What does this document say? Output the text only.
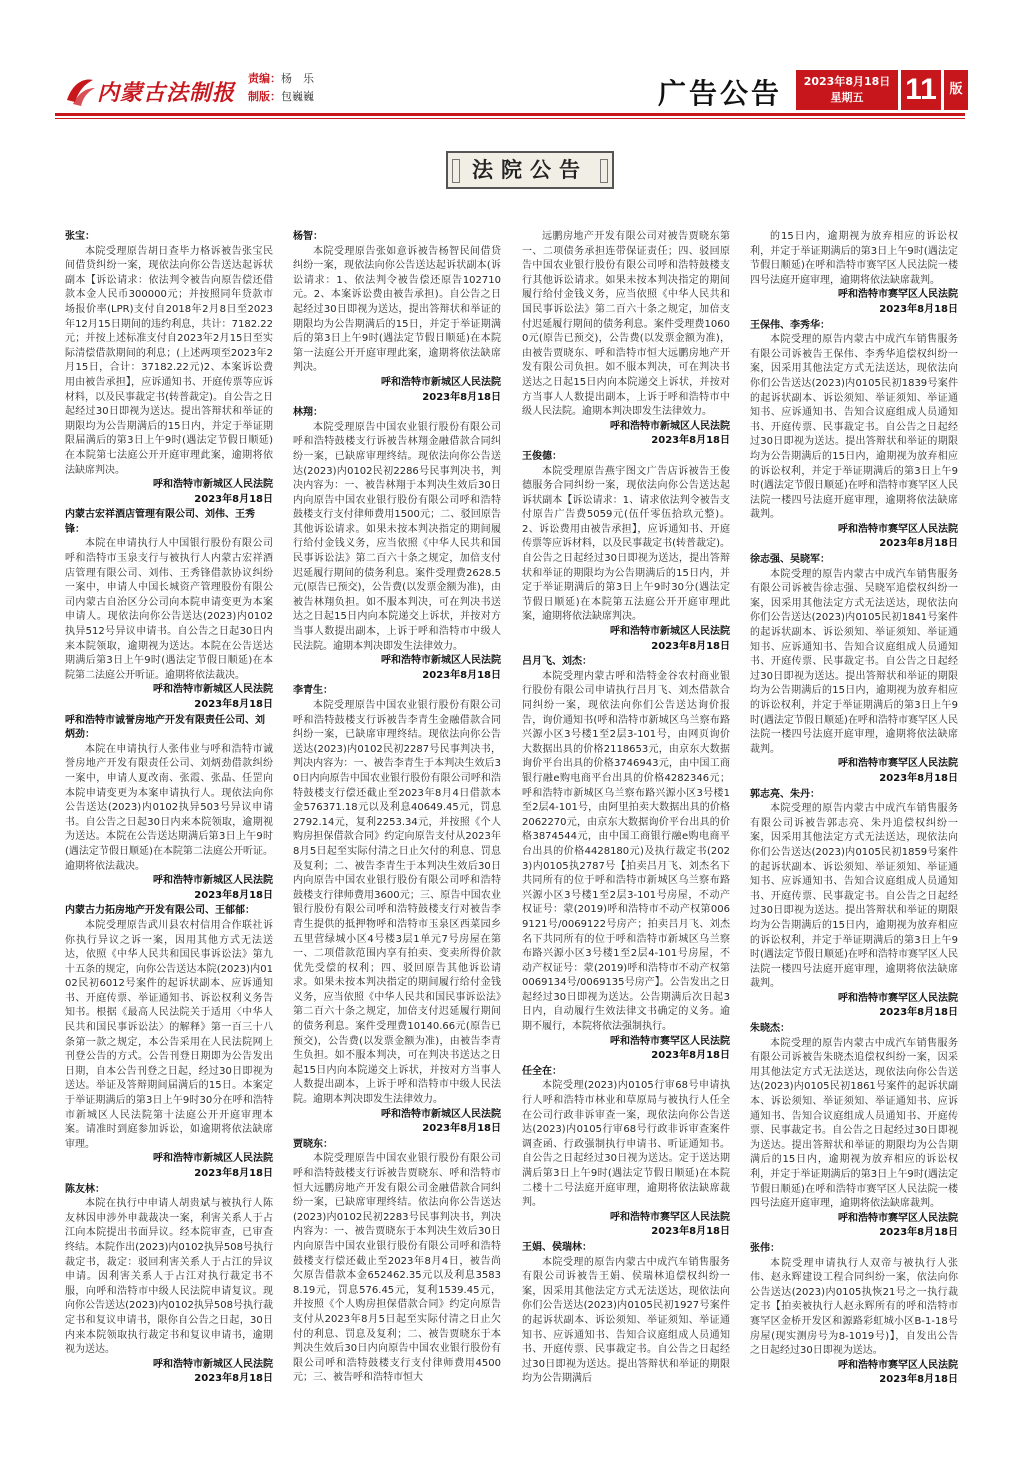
内蒙古法制报
责编：杨　乐
制版：包巍巍	广告公告	2023年8月18日
星期五	11 版
法院公告
张宝：
本院受理原告胡日查毕力格诉被告张宝民间借贷纠纷一案，现依法向你公告送达起诉状副本【诉讼请求：依法判令被告向原告偿还借款本金人民币300000元；并按照同年贷款市场报价率(LPR)支付自2018年2月8日至2023年12月15日期间的违约利息，共计：7182.22元；并按上述标准支付自2023年2月15日至实际清偿借款期间的利息；(上述两项至2023年2月15日，合计：37182.22元)2、本案诉讼费用由被告承担】，应诉通知书、开庭传票等应诉材料，以及民事裁定书(转普裁定)。自公告之日起经过30日即视为送达。提出答辩状和举证的期限均为公告期满后的15日内，并定于举证期限届满后的第3日上午9时(遇法定节假日顺延)在本院第七法庭公开开庭审理此案，逾期将依法缺席判决。
呼和浩特市新城区人民法院
2023年8月18日
内蒙古宏祥酒店管理有限公司、刘伟、王秀锋：
本院在申请执行人中国银行股份有限公司呼和浩特市玉泉支行与被执行人内蒙古宏祥酒店管理有限公司、刘伟、王秀锋借款协议纠纷一案中，申请人中国长城资产管理股份有限公司内蒙古自治区分公司向本院申请变更为本案申请人。现依法向你公告送达(2023)内0102执异512号异议申请书。自公告之日起30日内来本院领取，逾期视为送达。本院在公告送达期满后第3日上午9时(遇法定节假日顺延)在本院第二法庭公开听证。逾期将依法裁决。
呼和浩特市新城区人民法院
2023年8月18日
呼和浩特市诚誉房地产开发有限责任公司、刘炳劲：
本院在申请执行人张伟业与呼和浩特市诚誉房地产开发有限责任公司、刘炳劲借款纠纷一案中，申请人夏改南、张霞、张晶、任罡向本院申请变更为本案申请执行人。现依法向你公告送达(2023)内0102执异503号异议申请书。自公告之日起30日内来本院领取，逾期视为送达。本院在公告送达期满后第3日上午9时(遇法定节假日顺延)在本院第二法庭公开听证。逾期将依法裁决。
呼和浩特市新城区人民法院
2023年8月18日
内蒙古力拓房地产开发有限公司、王郁郁：
本院受理原告武川县农村信用合作联社诉你执行异议之诉一案，因用其他方式无法送达，依照《中华人民共和国民事诉讼法》第九十五条的规定，向你公告送达本院(2023)内0102民初6012号案件的起诉状副本、应诉通知书、开庭传票、举证通知书、诉讼权利义务告知书。根据《最高人民法院关于适用〈中华人民共和国民事诉讼法〉的解释》第一百三十八条第一款之规定，本公告采用在人民法院网上刊登公告的方式。公告刊登日期即为公告发出日期，自本公告刊登之日起，经过30日即视为送达。举证及答辩期间届满后的15日。本案定于举证期满后的第3日上午9时30分在呼和浩特市新城区人民法院第十法庭公开开庭审理本案。请准时到庭参加诉讼，如逾期将依法缺席审理。
呼和浩特市新城区人民法院
2023年8月18日
陈友林：
本院在执行中申请人胡贵斌与被执行人陈友林因申涉外申裁裁决一案，利害关系人于占江向本院提出书面异议。经本院审查，已审查终结。本院作出(2023)内0102执异508号执行裁定书，裁定：驳回利害关系人于占江的异议申请。因利害关系人于占江对执行裁定书不服，向呼和浩特市中级人民法院申请复议。现向你公告送达(2023)内0102执异508号执行裁定书和复议申请书，限你自公告之日起，30日内来本院领取执行裁定书和复议申请书，逾期视为送达。
呼和浩特市新城区人民法院
2023年8月18日
杨智：
本院受理原告张如意诉被告杨智民间借贷纠纷一案，现依法向你公告送达起诉状副本(诉讼请求：1、依法判令被告偿还原告102710元。2、本案诉讼费由被告承担)。自公告之日起经过30日即视为送达，提出答辩状和举证的期限均为公告期满后的15日，并定于举证期满后的第3日上午9时(遇法定节假日顺延)在本院第一法庭公开开庭审理此案，逾期将依法缺席判决。
呼和浩特市新城区人民法院
2023年8月18日
林翔：
本院受理原告中国农业银行股份有限公司呼和浩特鼓楼支行诉被告林翔金融借款合同纠纷一案，已缺席审理终结。现依法向你公告送达(2023)内0102民初2286号民事判决书，判决内容为：一、被告林翔于本判决生效后30日内向原告中国农业银行股份有限公司呼和浩特鼓楼支行支付律师费用1500元；二、驳回原告其他诉讼请求。如果未按本判决指定的期间履行给付金钱义务，应当依照《中华人民共和国民事诉讼法》第二百六十条之规定，加倍支付迟延履行期间的债务利息。案件受理费2628.5元(原告已预交)，公告费(以发票金额为准)，由被告林翔负担。如不服本判决，可在判决书送达之日起15日内向本院递交上诉状，并按对方当事人数提出副本，上诉于呼和浩特市中级人民法院。逾期本判决即发生法律效力。
呼和浩特市新城区人民法院
2023年8月18日
李青生：
本院受理原告中国农业银行股份有限公司呼和浩特鼓楼支行诉被告李青生金融借款合同纠纷一案，已缺席审理终结。现依法向你公告送达(2023)内0102民初2287号民事判决书，判决内容为：一、被告李青生于本判决生效后30日内向原告中国农业银行股份有限公司呼和浩特鼓楼支行偿还截止至2023年8月4日借款本金576371.18元以及利息40649.45元，罚息2792.14元，复利2253.34元，并按照《个人购房担保借款合同》约定向原告支付从2023年8月5日起至实际付清之日止欠付的利息、罚息及复利；二、被告李青生于本判决生效后30日内向原告中国农业银行股份有限公司呼和浩特鼓楼支行律师费用3600元；三、原告中国农业银行股份有限公司呼和浩特鼓楼支行对被告李青生提供的抵押物呼和浩特市玉泉区西菜园乡五里营绿城小区4号楼3层1单元7号房屋在第一、二项借款范围内享有拍卖、变卖所得价款优先受偿的权利；四、驳回原告其他诉讼请求。如果未按本判决指定的期间履行给付金钱义务，应当依照《中华人民共和国民事诉讼法》第二百六十条之规定，加倍支付迟延履行期间的债务利息。案件受理费10140.66元(原告已预交)，公告费(以发票金额为准)，由被告李青生负担。如不服本判决，可在判决书送达之日起15日内向本院递交上诉状，并按对方当事人人数提出副本，上诉于呼和浩特市中级人民法院。逾期本判决即发生法律效力。
呼和浩特市新城区人民法院
2023年8月18日
贾晓东：
本院受理原告中国农业银行股份有限公司呼和浩特鼓楼支行诉被告贾晓东、呼和浩特市恒大远鹏房地产开发有限公司金融借款合同纠纷一案，已缺席审理终结。依法向你公告送达(2023)内0102民初2283号民事判决书，判决内容为：一、被告贾晓东于本判决生效后30日内向原告中国农业银行股份有限公司呼和浩特鼓楼支行偿还截止至2023年8月4日，被告尚欠原告借款本金652462.35元以及利息35838.19元，罚息576.45元，复利1539.45元，并按照《个人购房担保借款合同》约定向原告支付从2023年8月5日起至实际付清之日止欠付的利息、罚息及复利；二、被告贾晓东于本判决生效后30日内向原告中国农业银行股份有限公司呼和浩特鼓楼支行支付律师费用4500元；三、被告呼和浩特市恒大
远鹏房地产开发有限公司对被告贾晓东第一、二项债务承担连带保证责任；四、驳回原告中国农业银行股份有限公司呼和浩特鼓楼支行其他诉讼请求。如果未按本判决指定的期间履行给付金钱义务，应当依照《中华人民共和国民事诉讼法》第二百六十条之规定，加倍支付迟延履行期间的债务利息。案件受理费10600元(原告已预交)，公告费(以发票金额为准)，由被告贾晓东、呼和浩特市恒大远鹏房地产开发有限公司负担。如不服本判决，可在判决书送达之日起15日内向本院递交上诉状，并按对方当事人人数提出副本，上诉于呼和浩特市中级人民法院。逾期本判决即发生法律效力。
呼和浩特市新城区人民法院
2023年8月18日
王俊德：
本院受理原告燕宇图文广告店诉被告王俊德服务合同纠纷一案，现依法向你公告送达起诉状副本【诉讼请求：1、请求依法判令被告支付原告广告费5059元(伍仟零伍拾玖元整)。2、诉讼费用由被告承担】，应诉通知书、开庭传票等应诉材料，以及民事裁定书(转普裁定)。自公告之日起经过30日即视为送达，提出答辩状和举证的期限均为公告期满后的15日内，并定于举证期满后的第3日上午9时30分(遇法定节假日顺延)在本院第五法庭公开开庭审理此案，逾期将依法缺席判决。
呼和浩特市新城区人民法院
2023年8月18日
吕月飞、刘杰：
本院受理内蒙古呼和浩特金谷农村商业银行股份有限公司申请执行吕月飞、刘杰借款合同纠纷一案，现依法向你们公告送达询价报告，询价通知书(呼和浩特市新城区乌兰察布路兴源小区3号楼1至2层3-101号，由网页询价大数据出具的价格2118653元，由京东大数据询价平台出具的价格3746943元，由中国工商银行融e购电商平台出具的价格4282346元；呼和浩特市新城区乌兰察布路兴源小区3号楼1至2层4-101号，由阿里拍卖大数据出具的价格2062270元，由京东大数据询价平台出具的价格3874544元，由中国工商银行融e购电商平台出具的价格4428180元)及执行裁定书(2023)内0105执2787号【拍卖吕月飞、刘杰名下共同所有的位于呼和浩特市新城区乌兰察布路兴源小区3号楼1至2层3-101号房屋，不动产权证号：蒙(2019)呼和浩特市不动产权第0069121号/0069122号房产；拍卖吕月飞、刘杰名下共同所有的位于呼和浩特市新城区乌兰察布路兴源小区3号楼1至2层4-101号房屋，不动产权证号：蒙(2019)呼和浩特市不动产权第0069134号/0069135号房产】。公告发出之日起经过30日即视为送达。公告期满后次日起3日内，自动履行生效法律文书确定的义务。逾期不履行，本院将依法强制执行。
呼和浩特市赛罕区人民法院
2023年8月18日
任全在：
本院受理(2023)内0105行审68号申请执行人呼和浩特市林业和草原局与被执行人任全在公司行政非诉审查一案，现依法向你公告送达(2023)内0105行审68号行政非诉审查案件调查函、行政强制执行申请书、听证通知书。自公告之日起经过30日视为送达。定于送达期满后第3日上午9时(遇法定节假日顺延)在本院二楼十二号法庭开庭审理，逾期将依法缺席裁判。
呼和浩特市赛罕区人民法院
2023年8月18日
王娟、侯瑞林：
本院受理的原告内蒙古中成汽车销售服务有限公司诉被告王娟、侯瑞林追偿权纠纷一案，因采用其他法定方式无法送达，现依法向你们公告送达(2023)内0105民初1927号案件的起诉状副本、诉讼须知、举证须知、举证通知书、应诉通知书、告知合议庭组成人员通知书、开庭传票、民事裁定书。自公告之日起经过30日即视为送达。提出答辩状和举证的期限均为公告期满后
的15日内，逾期视为放弃相应的诉讼权利，并定于举证期满后的第3日上午9时(遇法定节假日顺延)在呼和浩特市赛罕区人民法院一楼四号法庭开庭审理，逾期将依法缺席裁判。
呼和浩特市赛罕区人民法院
2023年8月18日
王保伟、李秀华：
本院受理的原告内蒙古中成汽车销售服务有限公司诉被告王保伟、李秀华追偿权纠纷一案，因采用其他法定方式无法送达，现依法向你们公告送达(2023)内0105民初1839号案件的起诉状副本、诉讼须知、举证须知、举证通知书、应诉通知书、告知合议庭组成人员通知书、开庭传票、民事裁定书。自公告之日起经过30日即视为送达。提出答辩状和举证的期限均为公告期满后的15日内，逾期视为放弃相应的诉讼权利，并定于举证期满后的第3日上午9时(遇法定节假日顺延)在呼和浩特市赛罕区人民法院一楼四号法庭开庭审理，逾期将依法缺席裁判。
呼和浩特市赛罕区人民法院
2023年8月18日
徐志强、吴晓军：
本院受理的原告内蒙古中成汽车销售服务有限公司诉被告徐志强、吴晓军追偿权纠纷一案，因采用其他法定方式无法送达，现依法向你们公告送达(2023)内0105民初1841号案件的起诉状副本、诉讼须知、举证须知、举证通知书、应诉通知书、告知合议庭组成人员通知书、开庭传票、民事裁定书。自公告之日起经过30日即视为送达。提出答辩状和举证的期限均为公告期满后的15日内，逾期视为放弃相应的诉讼权利，并定于举证期满后的第3日上午9时(遇法定节假日顺延)在呼和浩特市赛罕区人民法院一楼四号法庭开庭审理，逾期将依法缺席裁判。
呼和浩特市赛罕区人民法院
2023年8月18日
郭志亮、朱丹：
本院受理的原告内蒙古中成汽车销售服务有限公司诉被告郭志亮、朱丹追偿权纠纷一案，因采用其他法定方式无法送达，现依法向你们公告送达(2023)内0105民初1859号案件的起诉状副本、诉讼须知、举证须知、举证通知书、应诉通知书、告知合议庭组成人员通知书、开庭传票、民事裁定书。自公告之日起经过30日即视为送达。提出答辩状和举证的期限均为公告期满后的15日内，逾期视为放弃相应的诉讼权利，并定于举证期满后的第3日上午9时(遇法定节假日顺延)在呼和浩特市赛罕区人民法院一楼四号法庭开庭审理，逾期将依法缺席裁判。
呼和浩特市赛罕区人民法院
2023年8月18日
朱晓杰：
本院受理的原告内蒙古中成汽车销售服务有限公司诉被告朱晓杰追偿权纠纷一案，因采用其他法定方式无法送达，现依法向你公告送达(2023)内0105民初1861号案件的起诉状副本、诉讼须知、举证须知、举证通知书、应诉通知书、告知合议庭组成人员通知书、开庭传票、民事裁定书。自公告之日起经过30日即视为送达。提出答辩状和举证的期限均为公告期满后的15日内，逾期视为放弃相应的诉讼权利，并定于举证期满后的第3日上午9时(遇法定节假日顺延)在呼和浩特市赛罕区人民法院一楼四号法庭开庭审理，逾期将依法缺席裁判。
呼和浩特市赛罕区人民法院
2023年8月18日
张伟：
本院受理申请执行人双帝与被执行人张伟、赵永辉建设工程合同纠纷一案，依法向你公告送达(2023)内0105执恢21号之一执行裁定书【拍卖被执行人赵永辉所有的呼和浩特市赛罕区金桥开发区和源路彩虹城小区B-1-18号房屋(现实测房号为8-1019号)】，自发出公告之日起经过30日即视为送达。
呼和浩特市赛罕区人民法院
2023年8月18日
